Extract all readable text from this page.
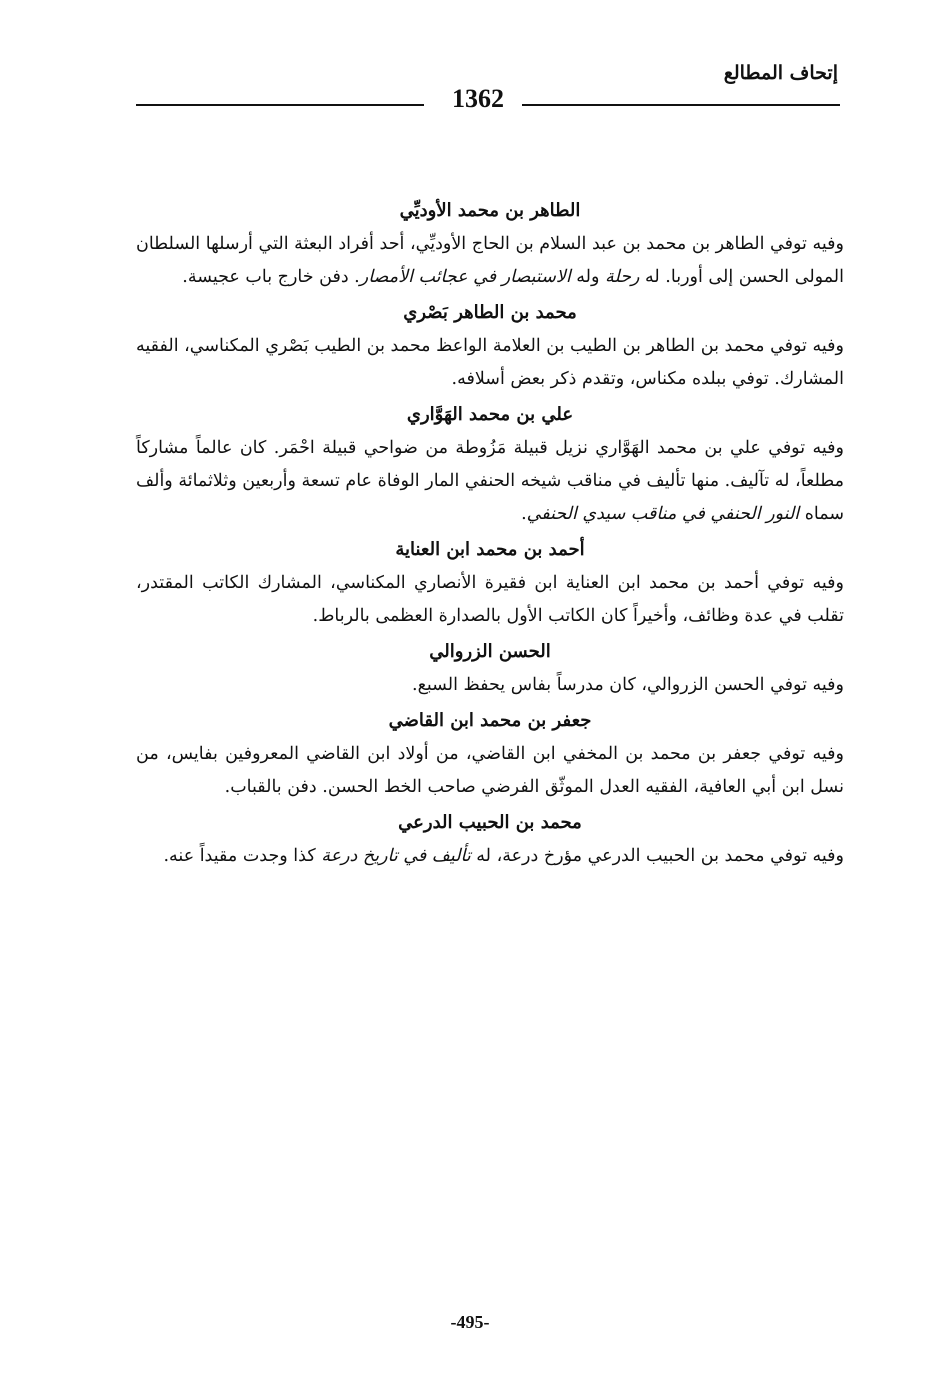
إتحاف المطالع
1362
الطاهر بن محمد الأوديِّي
وفيه توفي الطاهر بن محمد بن عبد السلام بن الحاج الأوديِّي، أحد أفراد البعثة التي أرسلها السلطان المولى الحسن إلى أوربا. له رحلة وله الاستبصار في عجائب الأمصار. دفن خارج باب عجيسة.
محمد بن الطاهر بَصْري
وفيه توفي محمد بن الطاهر بن الطيب بن العلامة الواعظ محمد بن الطيب بَصْري المكناسي، الفقيه المشارك. توفي ببلده مكناس، وتقدم ذكر بعض أسلافه.
علي بن محمد الهَوَّاري
وفيه توفي علي بن محمد الهَوَّاري نزيل قبيلة مَزُوطة من ضواحي قبيلة احْمَر. كان عالماً مشاركاً مطلعاً، له تآليف. منها تأليف في مناقب شيخه الحنفي المار الوفاة عام تسعة وأربعين وثلاثمائة وألف سماه النور الحنفي في مناقب سيدي الحنفي.
أحمد بن محمد ابن العناية
وفيه توفي أحمد بن محمد ابن العناية ابن فقيرة الأنصاري المكناسي، المشارك الكاتب المقتدر، تقلب في عدة وظائف، وأخيراً كان الكاتب الأول بالصدارة العظمى بالرباط.
الحسن الزروالي
وفيه توفي الحسن الزروالي، كان مدرساً بفاس يحفظ السبع.
جعفر بن محمد ابن القاضي
وفيه توفي جعفر بن محمد بن المخفي ابن القاضي، من أولاد ابن القاضي المعروفين بفايس، من نسل ابن أبي العافية، الفقيه العدل الموثّق الفرضي صاحب الخط الحسن. دفن بالقباب.
محمد بن الحبيب الدرعي
وفيه توفي محمد بن الحبيب الدرعي مؤرخ درعة، له تأليف في تاريخ درعة كذا وجدت مقيداً عنه.
-495-
